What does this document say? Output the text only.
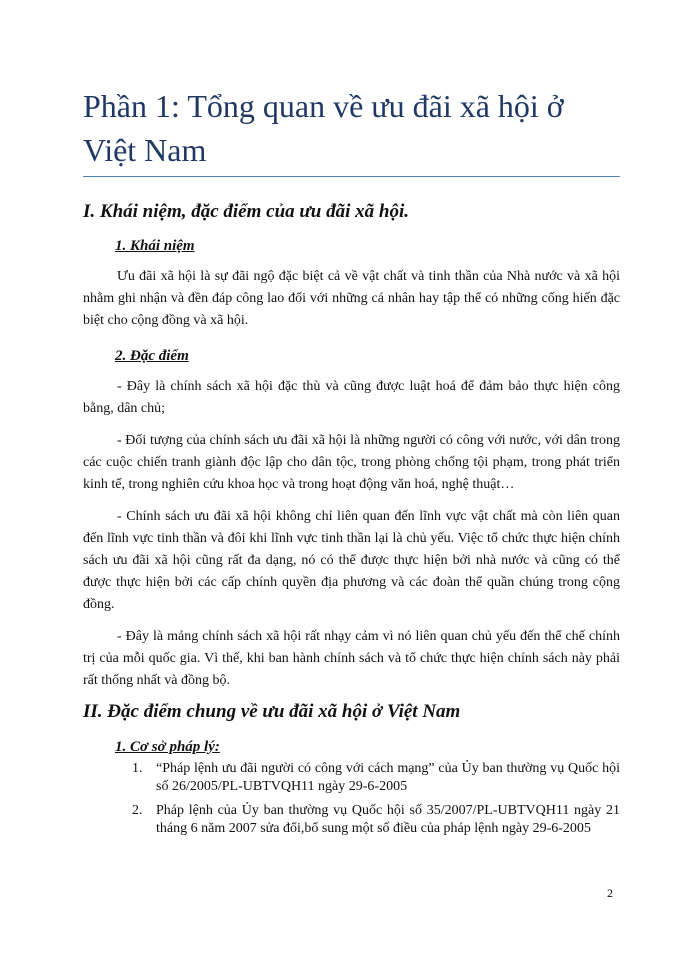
Phần 1: Tổng quan về ưu đãi xã hội ở Việt Nam
I. Khái niệm, đặc điểm của ưu đãi xã hội.
1. Khái niệm

Ưu đãi xã hội là sự đãi ngộ đặc biệt cả về vật chất và tinh thần của Nhà nước và xã hội nhằm ghi nhận và đền đáp công lao đối với những cá nhân hay tập thể có những cống hiến đặc biệt cho cộng đồng và xã hội.

2. Đặc điểm

- Đây là chính sách xã hội đặc thù và cũng được luật hoá để đảm bảo thực hiện công bằng, dân chủ;

- Đối tượng của chính sách ưu đãi xã hội là những người có công với nước, với dân trong các cuộc chiến tranh giành độc lập cho dân tộc, trong phòng chống tội phạm, trong phát triển kinh tế, trong nghiên cứu khoa học và trong hoạt động văn hoá, nghệ thuật…

- Chính sách ưu đãi xã hội không chỉ liên quan đến lĩnh vực vật chất mà còn liên quan đến lĩnh vực tinh thần và đôi khi lĩnh vực tinh thần lại là chủ yếu. Việc tổ chức thực hiện chính sách ưu đãi xã hội cũng rất đa dạng, nó có thể được thực hiện bởi nhà nước và cũng có thể được thực hiện bởi các cấp chính quyền địa phương và các đoàn thể quần chúng trong cộng đồng.

- Đây là mảng chính sách xã hội rất nhạy cảm vì nó liên quan chủ yếu đến thể chế chính trị của mỗi quốc gia. Vì thế, khi ban hành chính sách và tổ chức thực hiện chính sách này phải rất thống nhất và đồng bộ.

II. Đặc điểm chung về ưu đãi xã hội ở Việt Nam
1. Cơ sở pháp lý:
1. “Pháp lệnh ưu đãi người có công với cách mạng” của Ủy ban thường vụ Quốc hội số 26/2005/PL-UBTVQH11 ngày 29-6-2005
2. Pháp lệnh của Ủy ban thường vụ Quốc hội số 35/2007/PL-UBTVQH11 ngày 21 tháng 6 năm 2007 sửa đổi,bổ sung một số điều của pháp lệnh ngày 29-6-2005
2
